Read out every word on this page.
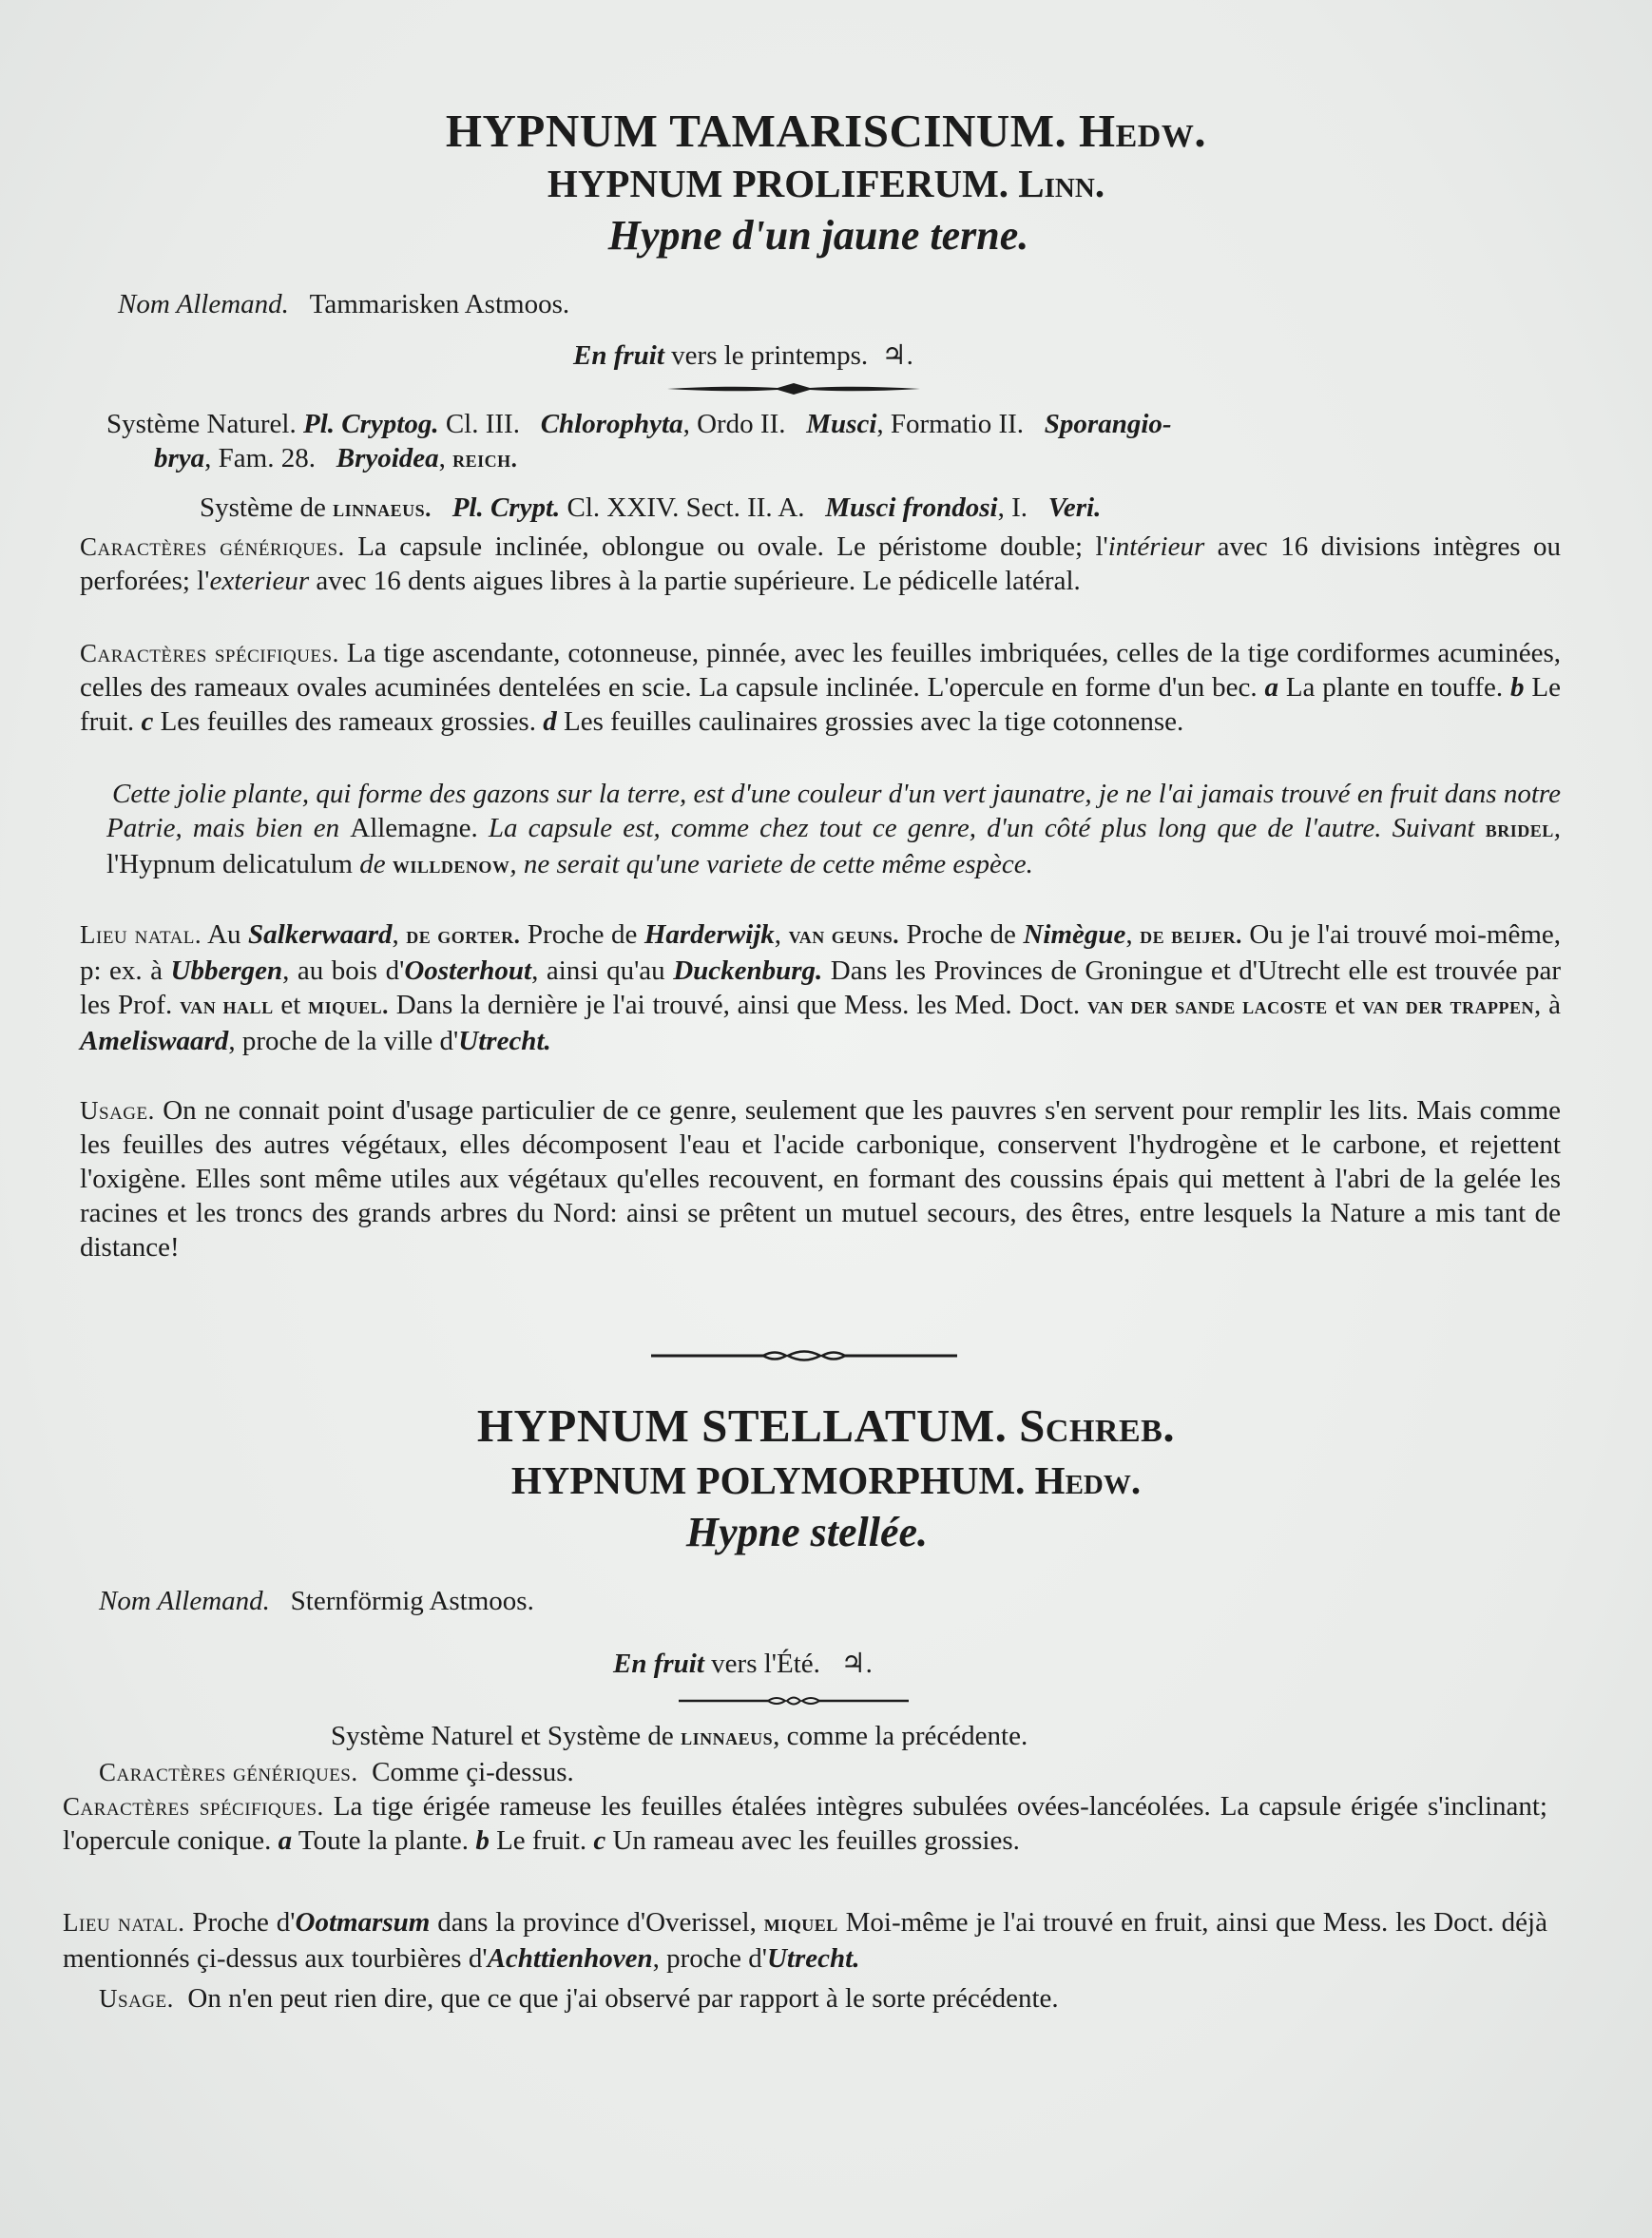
HYPNUM TAMARISCINUM. Hedw.
HYPNUM PROLIFERUM. Linn.
Hypne d'un jaune terne.
Nom Allemand. Tammarisken Astmoos.
En fruit vers le printemps. ♃.
Système Naturel. Pl. Cryptog. Cl. III. Chlorophyta, Ordo II. Musci, Formatio II. Sporangio-
brya, Fam. 28. Bryoidea, reich.
Système de linnaeus. Pl. Crypt. Cl. XXIV. Sect. II. A. Musci frondosi, I. Veri.
Caractères génériques. La capsule inclinée, oblongue ou ovale. Le péristome double; l'intérieur avec 16 divisions intègres ou perforées; l'exterieur avec 16 dents aigues libres à la partie supérieure. Le pédicelle latéral.
Caractères spécifiques. La tige ascendante, cotonneuse, pinnée, avec les feuilles imbriquées, celles de la tige cordiformes acuminées, celles des rameaux ovales acuminées dentelées en scie. La capsule inclinée. L'opercule en forme d'un bec. a La plante en touffe. b Le fruit. c Les feuilles des rameaux grossies. d Les feuilles caulinaires grossies avec la tige cotonnense.
Cette jolie plante, qui forme des gazons sur la terre, est d'une couleur d'un vert jaunatre, je ne l'ai jamais trouvé en fruit dans notre Patrie, mais bien en Allemagne. La capsule est, comme chez tout ce genre, d'un côté plus long que de l'autre. Suivant bridel, l'Hypnum delicatulum de willdenow, ne serait qu'une variete de cette même espèce.
Lieu natal. Au Salkerwaard, de gorter. Proche de Harderwijk, van geuns. Proche de Nimègue, de beijer. Ou je l'ai trouvé moi-même, p: ex. à Ubbergen, au bois d'Oosterhout, ainsi qu'au Duckenburg. Dans les Provinces de Groningue et d'Utrecht elle est trouvée par les Prof. van hall et miquel. Dans la dernière je l'ai trouvé, ainsi que Mess. les Med. Doct. van der sande lacoste et van der trappen, à Ameliswaard, proche de la ville d'Utrecht.
Usage. On ne connait point d'usage particulier de ce genre, seulement que les pauvres s'en servent pour remplir les lits. Mais comme les feuilles des autres végétaux, elles décomposent l'eau et l'acide carbonique, conservent l'hydrogène et le carbone, et rejettent l'oxigène. Elles sont même utiles aux végétaux qu'elles recouvent, en formant des coussins épais qui mettent à l'abri de la gelée les racines et les troncs des grands arbres du Nord: ainsi se prêtent un mutuel secours, des êtres, entre lesquels la Nature a mis tant de distance!
HYPNUM STELLATUM. Schreb.
HYPNUM POLYMORPHUM. Hedw.
Hypne stellée.
Nom Allemand. Sternförmig Astmoos.
En fruit vers l'Été. ♃.
Système Naturel et Système de linnaeus, comme la précédente.
Caractères génériques. Comme çi-dessus.
Caractères spécifiques. La tige érigée rameuse les feuilles étalées intègres subulées ovées-lancéolées. La capsule érigée s'inclinant; l'opercule conique. a Toute la plante. b Le fruit. c Un rameau avec les feuilles grossies.
Lieu natal. Proche d'Ootmarsum dans la province d'Overissel, miquel Moi-même je l'ai trouvé en fruit, ainsi que Mess. les Doct. déjà mentionnés çi-dessus aux tourbières d'Achttienhoven, proche d'Utrecht.
Usage. On n'en peut rien dire, que ce que j'ai observé par rapport à le sorte précédente.
